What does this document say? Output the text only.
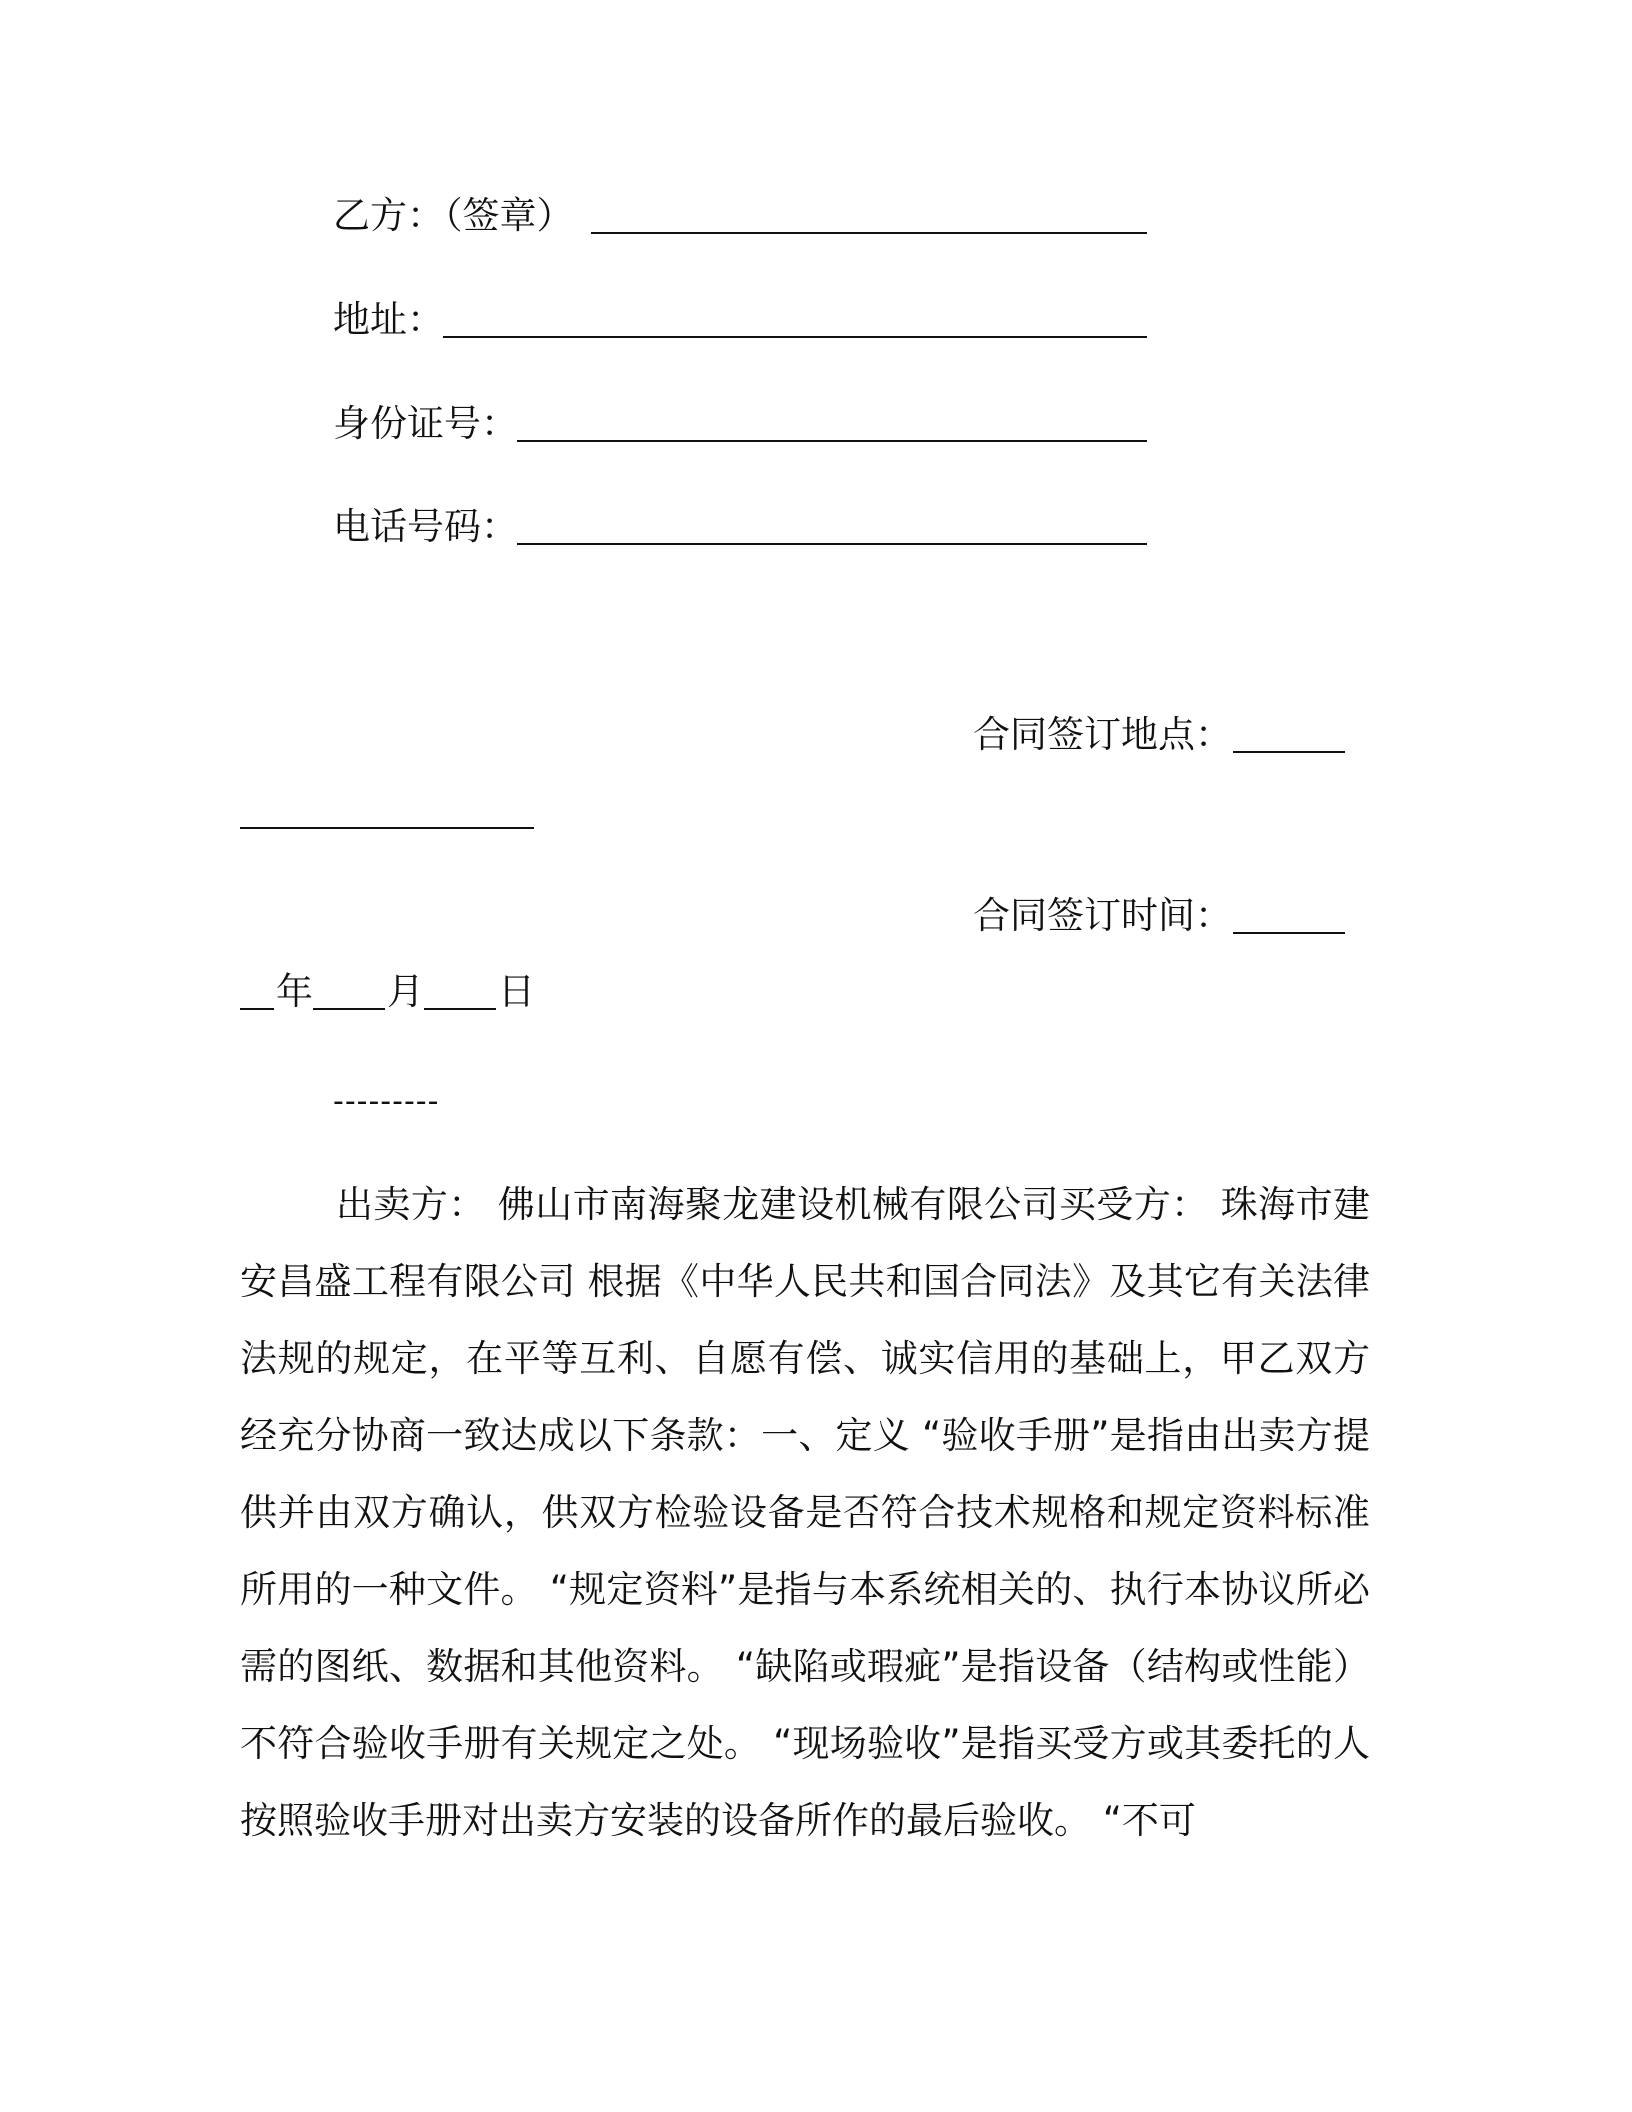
乙方：（签章）
地址：
身份证号：
电话号码：
合同签订地点：
合同签订时间：
年 月 日
---------
出卖方： 佛山市南海聚龙建设机械有限公司买受方： 珠海市建安昌盛工程有限公司 根据《中华人民共和国合同法》及其它有关法律法规的规定，在平等互利、自愿有偿、诚实信用的基础上，甲乙双方经充分协商一致达成以下条款：一、定义 “验收手册”是指由出卖方提供并由双方确认，供双方检验设备是否符合技术规格和规定资料标准所用的一种文件。 “规定资料”是指与本系统相关的、执行本协议所必需的图纸、数据和其他资料。 “缺陷或瑕疵”是指设备（结构或性能）不符合验收手册有关规定之处。 “现场验收”是指买受方或其委托的人按照验收手册对出卖方安装的设备所作的最后验收。 “不可
